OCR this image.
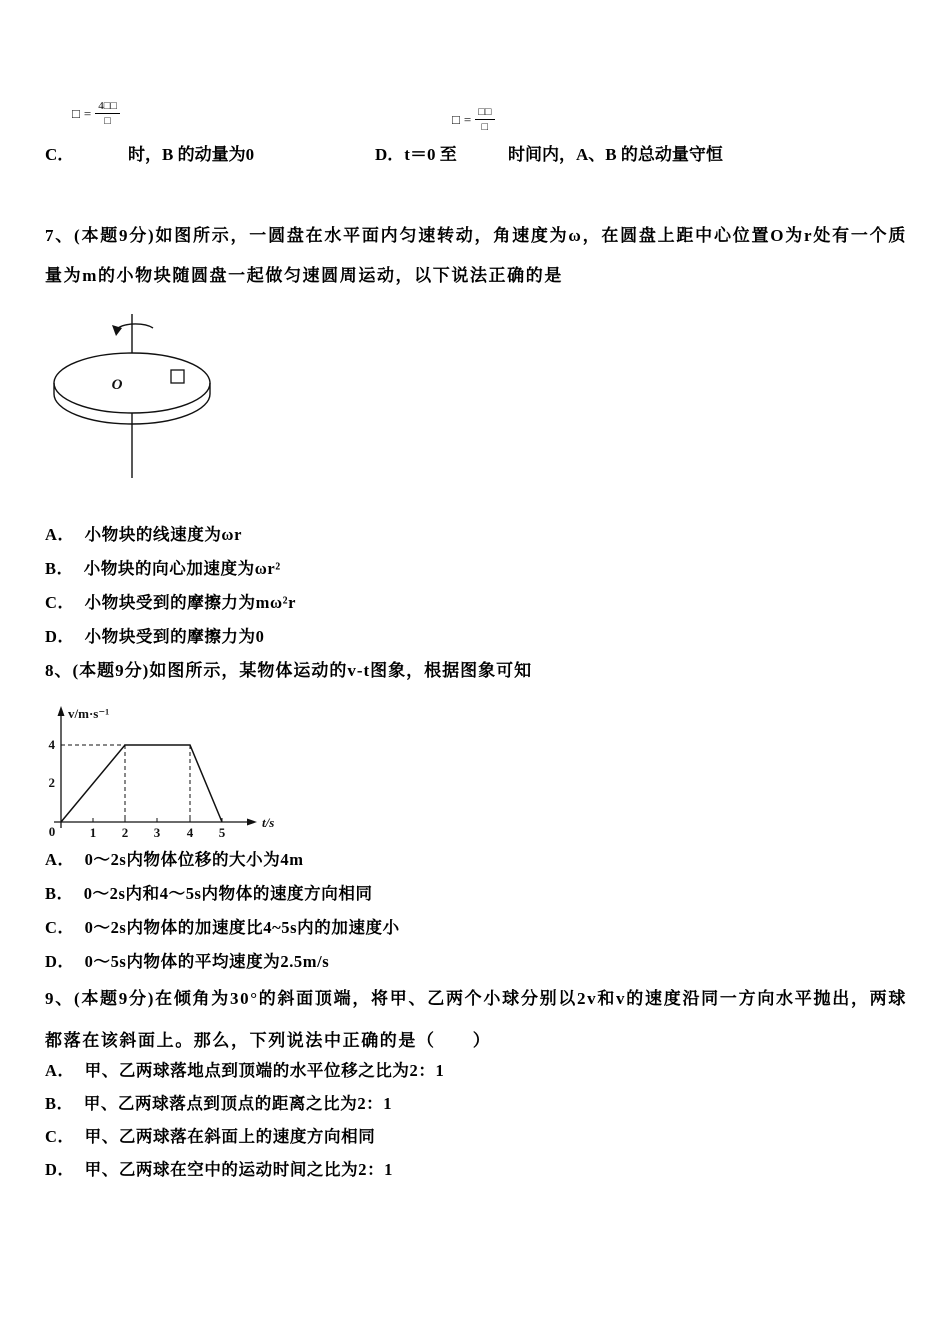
□ = $\frac{4□□}{□}$	□ = $\frac{□□}{□}$
C．	时，B 的动量为0	D．t＝0 至	时间内，A、B 的总动量守恒
7、(本题9分)如图所示，一圆盘在水平面内匀速转动，角速度为ω，在圆盘上距中心位置O为r处有一个质量为m的小物块随圆盘一起做匀速圆周运动，以下说法正确的是
O
A． 小物块的线速度为ωr
B． 小物块的向心加速度为ωr²
C． 小物块受到的摩擦力为mω²r
D． 小物块受到的摩擦力为0
8、(本题9分)如图所示，某物体运动的v-t图象，根据图象可知
v/m·s⁻¹
4
2
t/s
0	1 2 3 4 5
A． 0～2s内物体位移的大小为4m
B． 0～2s内和4～5s内物体的速度方向相同
C． 0～2s内物体的加速度比4~5s内的加速度小
D． 0～5s内物体的平均速度为2.5m/s
9、(本题9分)在倾角为30°的斜面顶端，将甲、乙两个小球分别以2v和v的速度沿同一方向水平抛出，两球都落在该斜面上。那么，下列说法中正确的是（　　）
A． 甲、乙两球落地点到顶端的水平位移之比为2：1
B． 甲、乙两球落点到顶点的距离之比为2：1
C． 甲、乙两球落在斜面上的速度方向相同
D． 甲、乙两球在空中的运动时间之比为2：1
